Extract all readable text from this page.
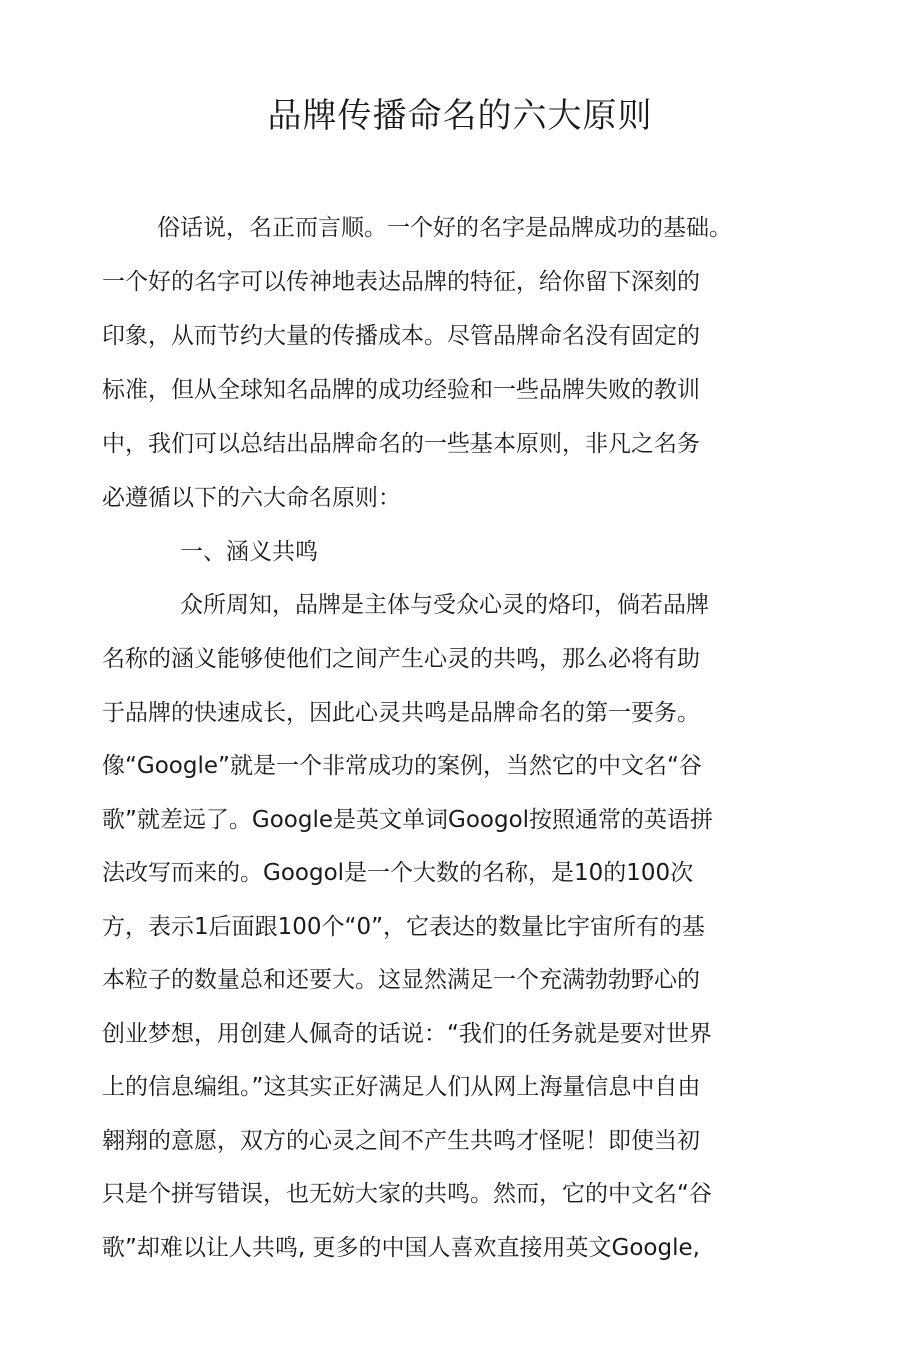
品牌传播命名的六大原则

俗话说，名正而言顺。一个好的名字是品牌成功的基础。

一个好的名字可以传神地表达品牌的特征，给你留下深刻的

印象，从而节约大量的传播成本。尽管品牌命名没有固定的

标准，但从全球知名品牌的成功经验和一些品牌失败的教训

中，我们可以总结出品牌命名的一些基本原则，非凡之名务

必遵循以下的六大命名原则：

一、涵义共鸣

众所周知，品牌是主体与受众心灵的烙印，倘若品牌

名称的涵义能够使他们之间产生心灵的共鸣，那么必将有助

于品牌的快速成长，因此心灵共鸣是品牌命名的第一要务。

像“Google”就是一个非常成功的案例，当然它的中文名“谷

歌”就差远了。Google是英文单词Googol按照通常的英语拼

法改写而来的。Googol是一个大数的名称，是10的100次

方，表示1后面跟100个“0”，它表达的数量比宇宙所有的基

本粒子的数量总和还要大。这显然满足一个充满勃勃野心的

创业梦想，用创建人佩奇的话说：“我们的任务就是要对世界

上的信息编组。”这其实正好满足人们从网上海量信息中自由

翱翔的意愿，双方的心灵之间不产生共鸣才怪呢！即使当初

只是个拼写错误，也无妨大家的共鸣。然而，它的中文名“谷

歌”却难以让人共鸣, 更多的中国人喜欢直接用英文Google,
